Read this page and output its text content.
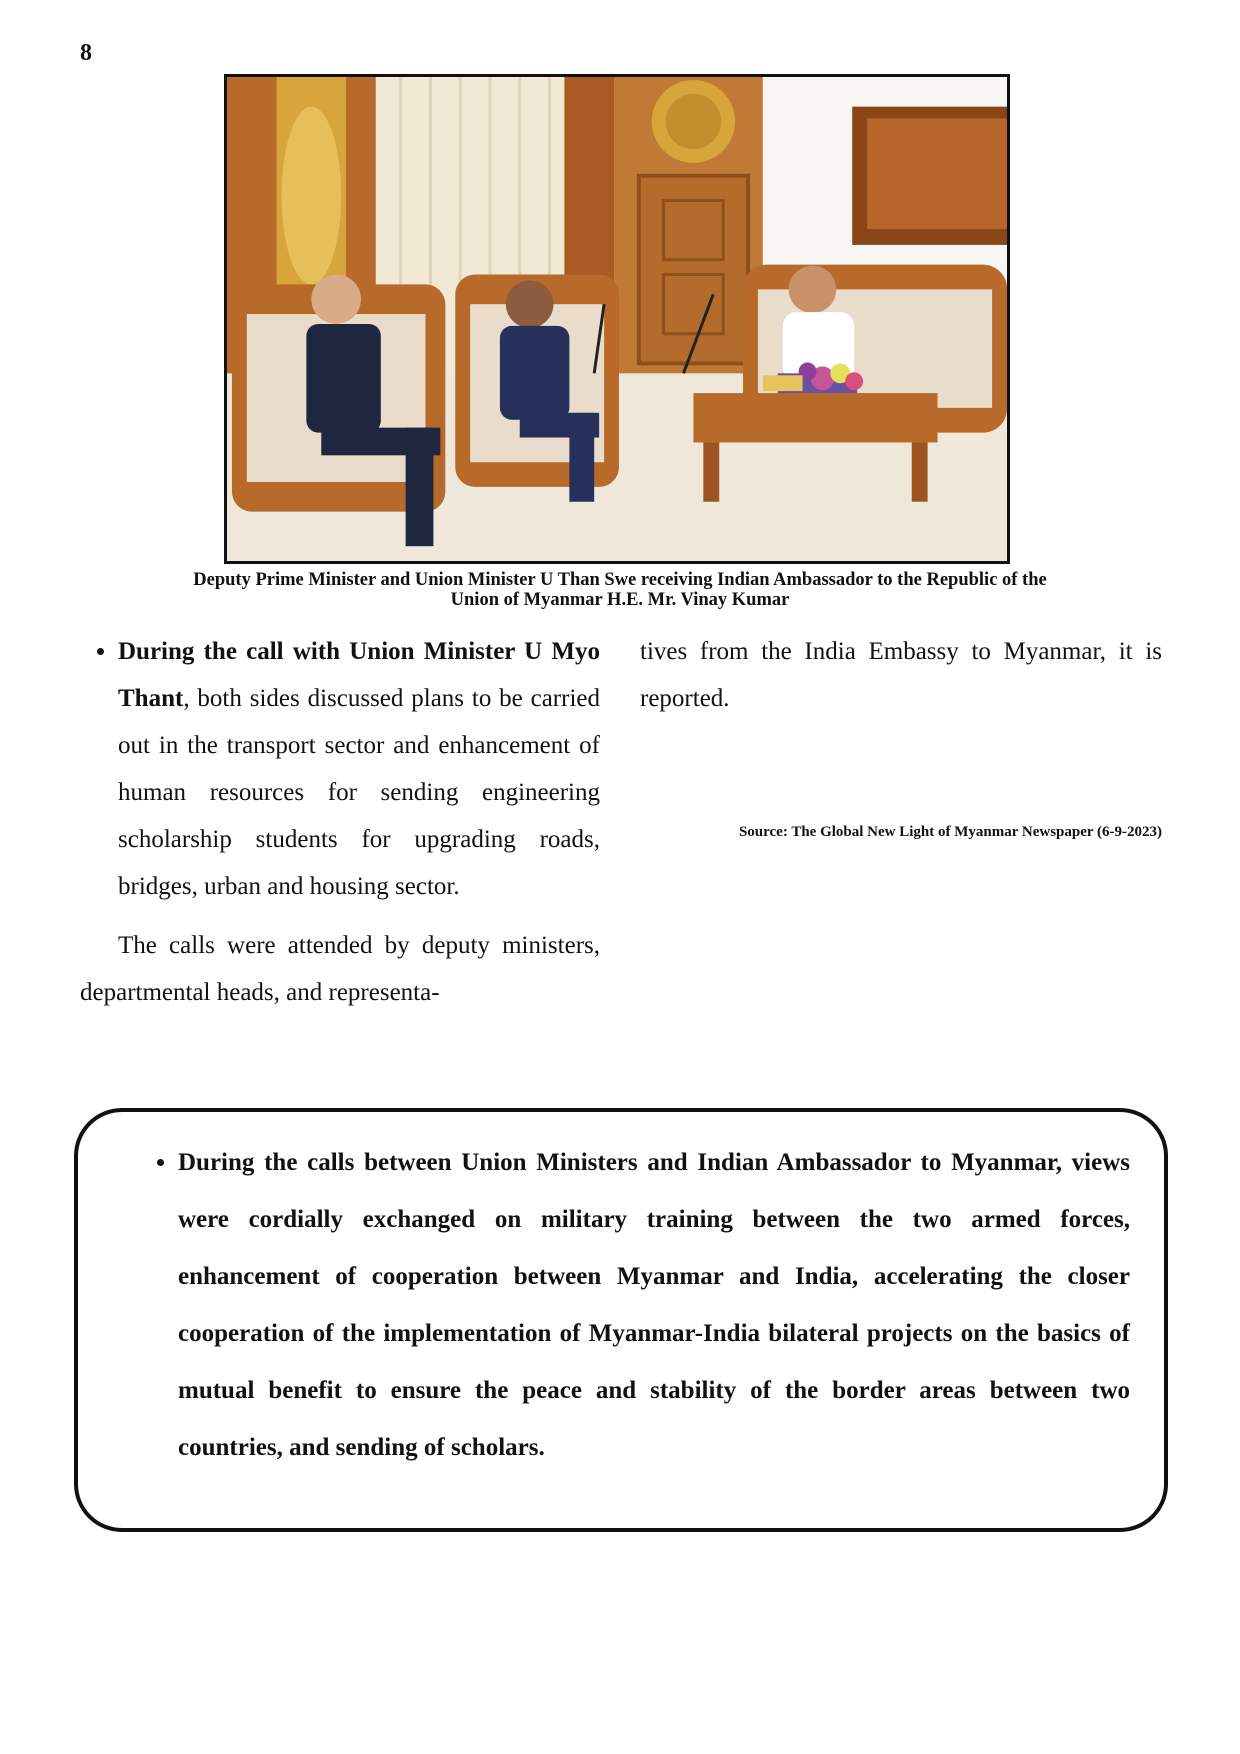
8
Deputy Prime Minister and Union Minister U Than Swe receiving Indian Ambassador to the Republic of the
Union of Myanmar H.E. Mr. Vinay Kumar
• During the call with Union Minister U Myo Thant, both sides discussed plans to be carried out in the transport sector and enhancement of human resources for sending engineering scholarship students for upgrading roads, bridges, urban and housing sector.

The calls were attended by deputy ministers, departmental heads, and representa-

tives from the India Embassy to Myanmar, it is reported.

Source: The Global New Light of Myanmar Newspaper (6-9-2023)
• During the calls between Union Ministers and Indian Ambassador to Myanmar, views were cordially exchanged on military training between the two armed forces, enhancement of cooperation between Myanmar and India, accelerating the closer cooperation of the implementation of Myanmar-India bilateral projects on the basics of mutual benefit to ensure the peace and stability of the border areas between two countries, and sending of scholars.
